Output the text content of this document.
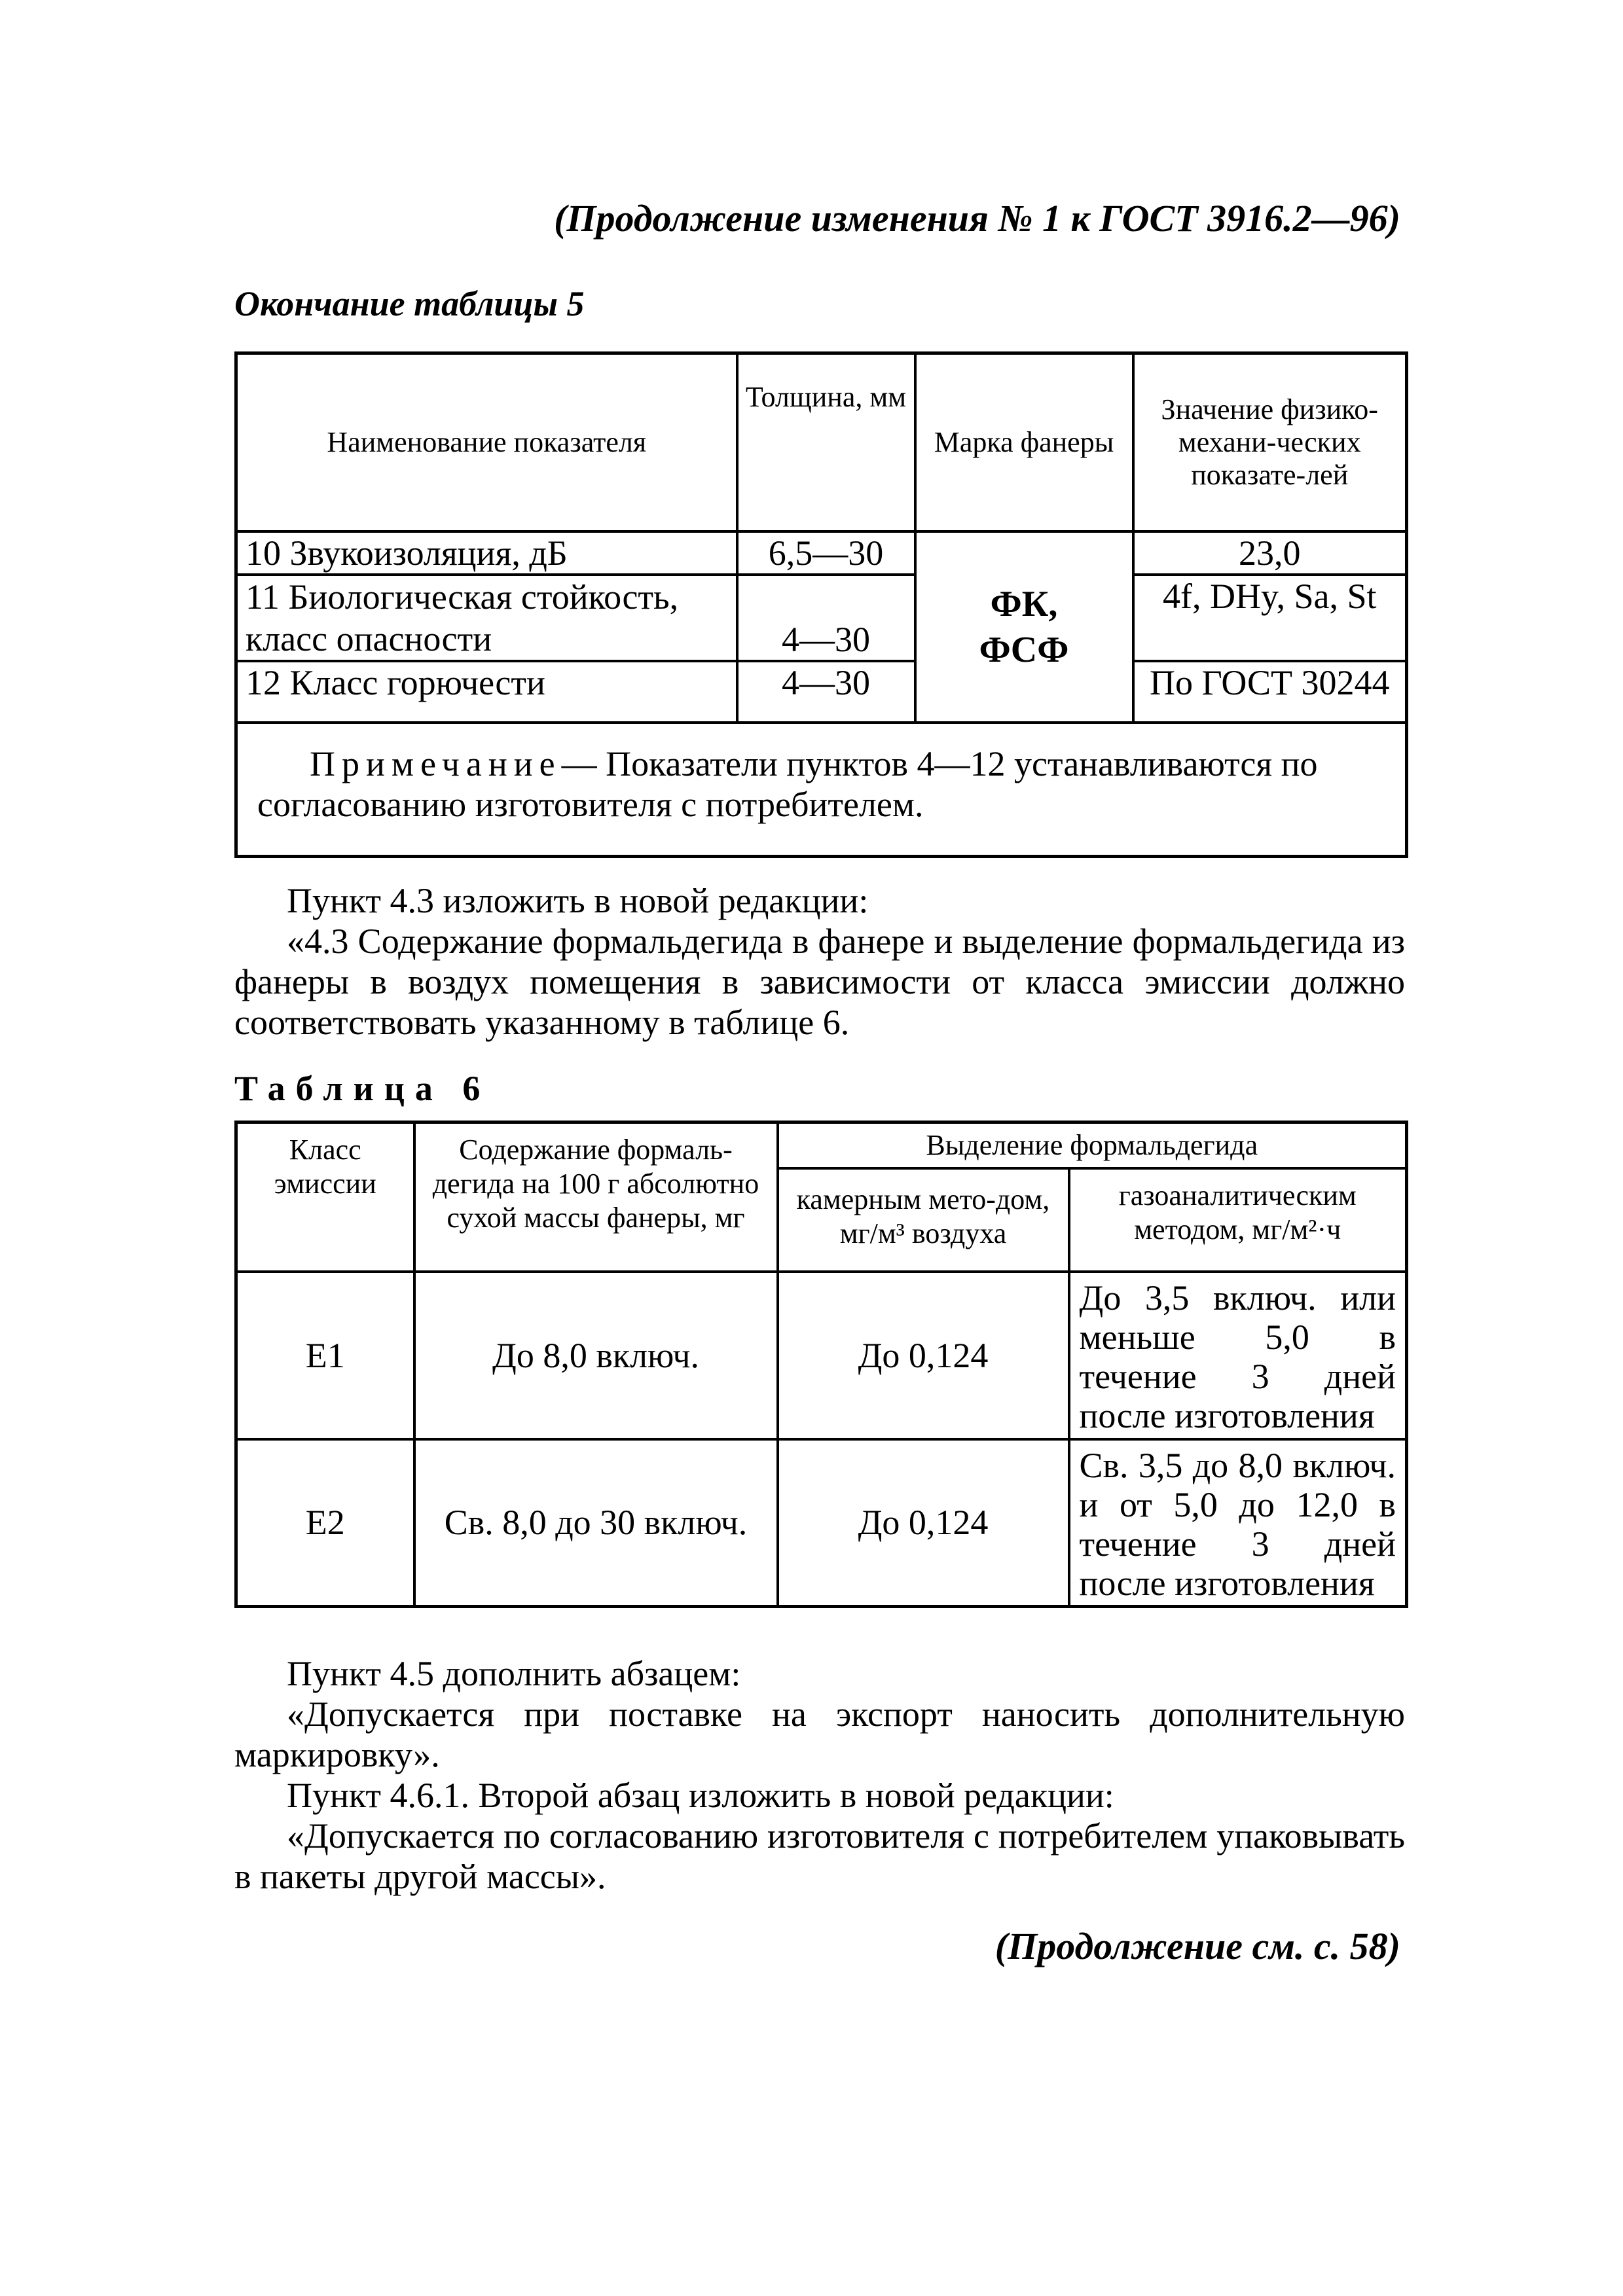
(Продолжение изменения № 1 к ГОСТ 3916.2—96)
Окончание таблицы 5
Наименование показателя	Толщина, мм	Марка фанеры	Значение физико-механи-ческих показате-лей
10 Звукоизоляция, дБ	6,5—30	ФК, ФСФ	23,0
11 Биологическая стойкость,	4—30		4f, DHy, Sa, St
класс опасности			
12 Класс горючести	4—30		По ГОСТ 30244
Примечание— Показатели пунктов 4—12 устанавливаются по согласованию изготовителя с потребителем.			
Пункт 4.3 изложить в новой редакции:
«4.3 Содержание формальдегида в фанере и выделение формальдегида из фанеры в воздух помещения в зависимости от класса эмиссии должно соответствовать указанному в таблице 6.
Таблица 6
Класс эмиссии	Содержание формаль-дегида на 100 г абсолютно сухой массы фанеры, мг	Выделение формальдегида	
		камерным мето-дом, мг/м³ воздуха	газоаналитическим методом, мг/м²·ч
Е1	До 8,0 включ.	До 0,124	До 3,5 включ. или меньше 5,0 в течение 3 дней после изготовления
Е2	Св. 8,0 до 30 включ.	До 0,124	Св. 3,5 до 8,0 включ. и от 5,0 до 12,0 в течение 3 дней после изготовления
Пункт 4.5 дополнить абзацем:
«Допускается при поставке на экспорт наносить дополнительную маркировку».
Пункт 4.6.1. Второй абзац изложить в новой редакции:
«Допускается по согласованию изготовителя с потребителем упаковывать в пакеты другой массы».
(Продолжение см. с. 58)
